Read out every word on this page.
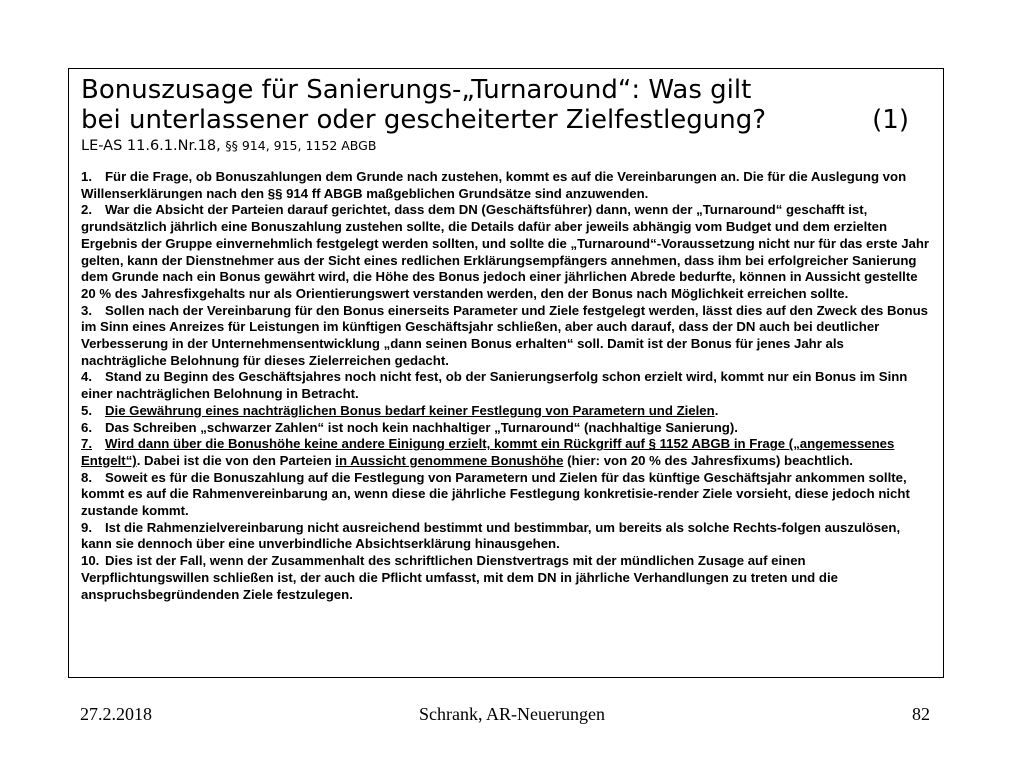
Bonuszusage für Sanierungs-„Turnaround“: Was gilt
bei unterlassener oder gescheiterter Zielfestlegung?	(1)
LE-AS 11.6.1.Nr.18, §§ 914, 915, 1152 ABGB

1. Für die Frage, ob Bonuszahlungen dem Grunde nach zustehen, kommt es auf die Vereinbarungen an. Die für die Auslegung von Willenserklärungen nach den §§ 914 ff ABGB maßgeblichen Grundsätze sind anzuwenden.

2. War die Absicht der Parteien darauf gerichtet, dass dem DN (Geschäftsführer) dann, wenn der „Turnaround“ geschafft ist, grundsätzlich jährlich eine Bonuszahlung zustehen sollte, die Details dafür aber jeweils abhängig vom Budget und dem erzielten Ergebnis der Gruppe einvernehmlich festgelegt werden sollten, und sollte die „Turnaround“-Voraussetzung nicht nur für das erste Jahr gelten, kann der Dienstnehmer aus der Sicht eines redlichen Erklärungsempfängers annehmen, dass ihm bei erfolgreicher Sanierung dem Grunde nach ein Bonus gewährt wird, die Höhe des Bonus jedoch einer jährlichen Abrede bedurfte, können in Aussicht gestellte 20 % des Jahresfixgehalts nur als Orientierungswert verstanden werden, den der Bonus nach Möglichkeit erreichen sollte.

3. Sollen nach der Vereinbarung für den Bonus einerseits Parameter und Ziele festgelegt werden, lässt dies auf den Zweck des Bonus im Sinn eines Anreizes für Leistungen im künftigen Geschäftsjahr schließen, aber auch darauf, dass der DN auch bei deutlicher Verbesserung in der Unternehmensentwicklung „dann seinen Bonus erhalten“ soll. Damit ist der Bonus für jenes Jahr als nachträgliche Belohnung für dieses Zielerreichen gedacht.

4. Stand zu Beginn des Geschäftsjahres noch nicht fest, ob der Sanierungserfolg schon erzielt wird, kommt nur ein Bonus im Sinn einer nachträglichen Belohnung in Betracht.

5. Die Gewährung eines nachträglichen Bonus bedarf keiner Festlegung von Parametern und Zielen.

6. Das Schreiben „schwarzer Zahlen“ ist noch kein nachhaltiger „Turnaround“ (nachhaltige Sanierung).

7. Wird dann über die Bonushöhe keine andere Einigung erzielt, kommt ein Rückgriff auf § 1152 ABGB in Frage („angemessenes Entgelt“). Dabei ist die von den Parteien in Aussicht genommene Bonushöhe (hier: von 20 % des Jahresfixums) beachtlich.

8. Soweit es für die Bonuszahlung auf die Festlegung von Parametern und Zielen für das künftige Geschäftsjahr ankommen sollte, kommt es auf die Rahmenvereinbarung an, wenn diese die jährliche Festlegung konkretisie-render Ziele vorsieht, diese jedoch nicht zustande kommt.

9. Ist die Rahmenzielvereinbarung nicht ausreichend bestimmt und bestimmbar, um bereits als solche Rechts-folgen auszulösen, kann sie dennoch über eine unverbindliche Absichtserklärung hinausgehen.

10. Dies ist der Fall, wenn der Zusammenhalt des schriftlichen Dienstvertrags mit der mündlichen Zusage auf einen Verpflichtungswillen schließen ist, der auch die Pflicht umfasst, mit dem DN in jährliche Verhandlungen zu treten und die anspruchsbegründenden Ziele festzulegen.

27.2.2018	Schrank, AR-Neuerungen	82
